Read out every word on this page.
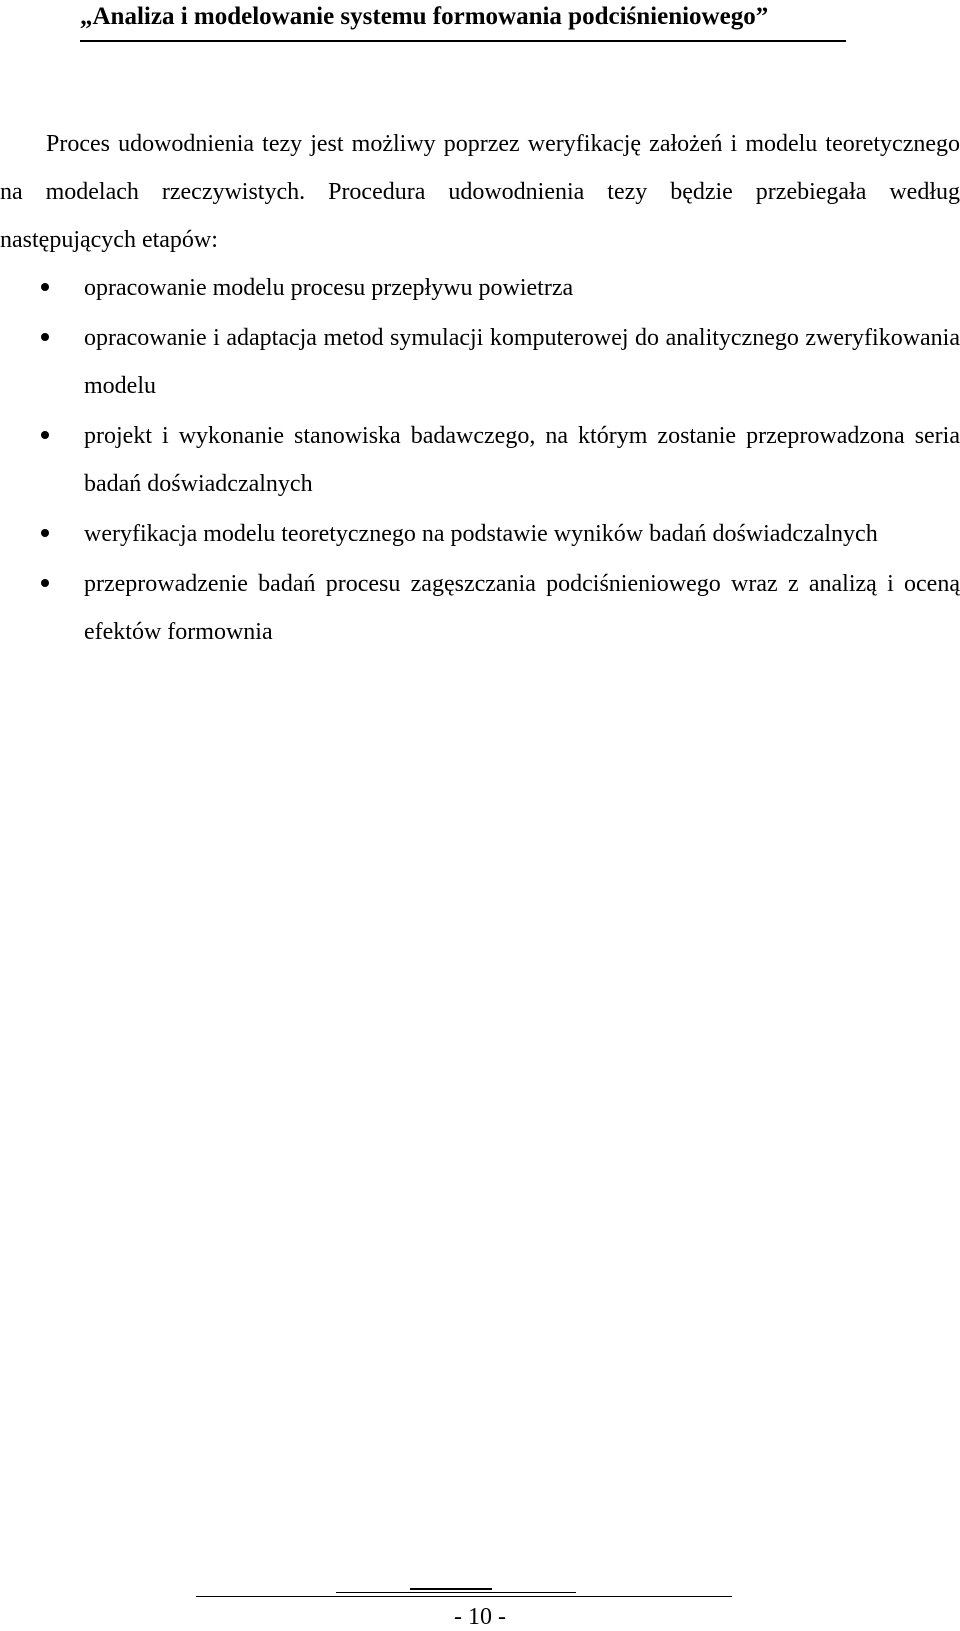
„Analiza i modelowanie systemu formowania podciśnieniowego”

Proces udowodnienia tezy jest możliwy poprzez weryfikację założeń i modelu teoretycznego na modelach rzeczywistych. Procedura udowodnienia tezy będzie przebiegała według następujących etapów:

opracowanie modelu procesu przepływu powietrza
opracowanie i adaptacja metod symulacji komputerowej do analitycznego zweryfikowania modelu
projekt i wykonanie stanowiska badawczego, na którym zostanie przeprowadzona seria badań doświadczalnych
weryfikacja modelu teoretycznego na podstawie wyników badań doświadczalnych
przeprowadzenie badań procesu zagęszczania podciśnieniowego wraz z analizą i oceną efektów formownia
- 10 -
